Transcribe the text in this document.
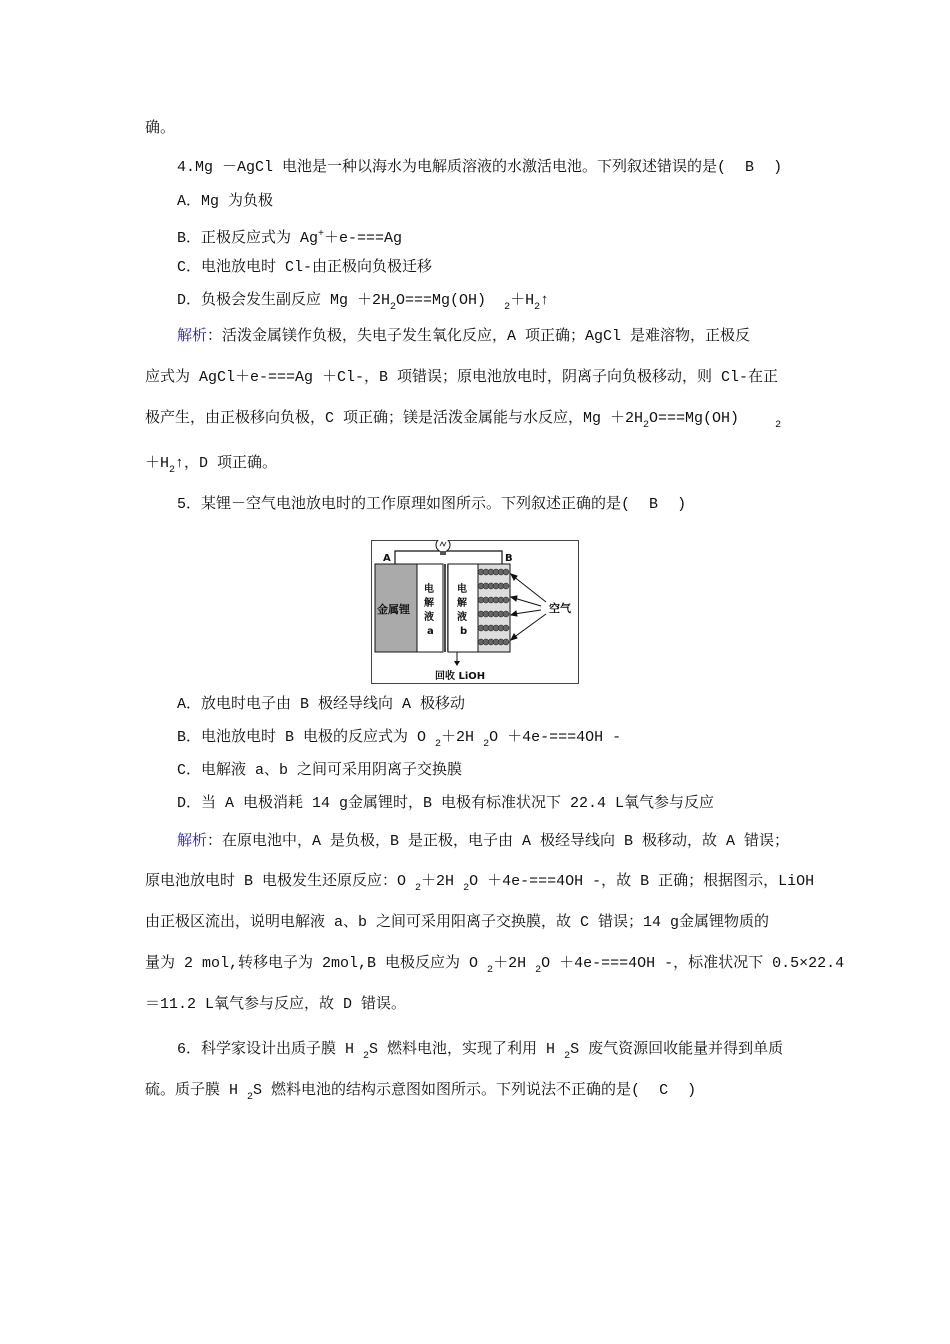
确。
4.Mg －AgCl 电池是一种以海水为电解质溶液的水激活电池。下列叙述错误的是( B )
A．Mg 为负极
B．正极反应式为 Ag+＋e-===Ag
C．电池放电时 Cl-由正极向负极迁移
D．负极会发生副反应 $Mg +2H_2O===Mg(OH)$ $_2+H_2↑$
解析：活泼金属镁作负极，失电子发生氧化反应，A 项正确；AgCl 是难溶物，正极反
应式为 AgCl＋e-===Ag ＋Cl-，B 项错误；原电池放电时，阴离子向负极移动，则 Cl-在正
极产生，由正极移向负极，C 项正确；镁是活泼金属能与水反应，$Mg +2H_2O===Mg(OH)$	$_2$
$+H_2↑$，D 项正确。
5．某锂－空气电池放电时的工作原理如图所示。下列叙述正确的是( B )
A	B
金属锂
电
解
液
a
电
解
液
b
回收 LiOH
空气
A．放电时电子由 B 极经导线向 A 极移动
B．电池放电时 B 电极的反应式为 O $_2$＋2H $_2$O ＋4e-===4OH -
C．电解液 a、b 之间可采用阴离子交换膜
D．当 A 电极消耗 14 g金属锂时，B 电极有标准状况下 22.4 L氧气参与反应
解析：在原电池中，A 是负极，B 是正极，电子由 A 极经导线向 B 极移动，故 A 错误；
原电池放电时 B 电极发生还原反应：O $_2$＋2H $_2$O ＋4e-===4OH -，故 B 正确；根据图示，LiOH
由正极区流出，说明电解液 a、b 之间可采用阳离子交换膜，故 C 错误；14 g金属锂物质的
量为 2 mol,转移电子为 2mol,B 电极反应为 O $_2$＋2H $_2$O ＋4e-===4OH -，标准状况下 0.5×22.4
＝11.2 L氧气参与反应，故 D 错误。
6．科学家设计出质子膜 H $_2$S 燃料电池，实现了利用 H $_2$S 废气资源回收能量并得到单质
硫。质子膜 H $_2$S 燃料电池的结构示意图如图所示。下列说法不正确的是( C )
